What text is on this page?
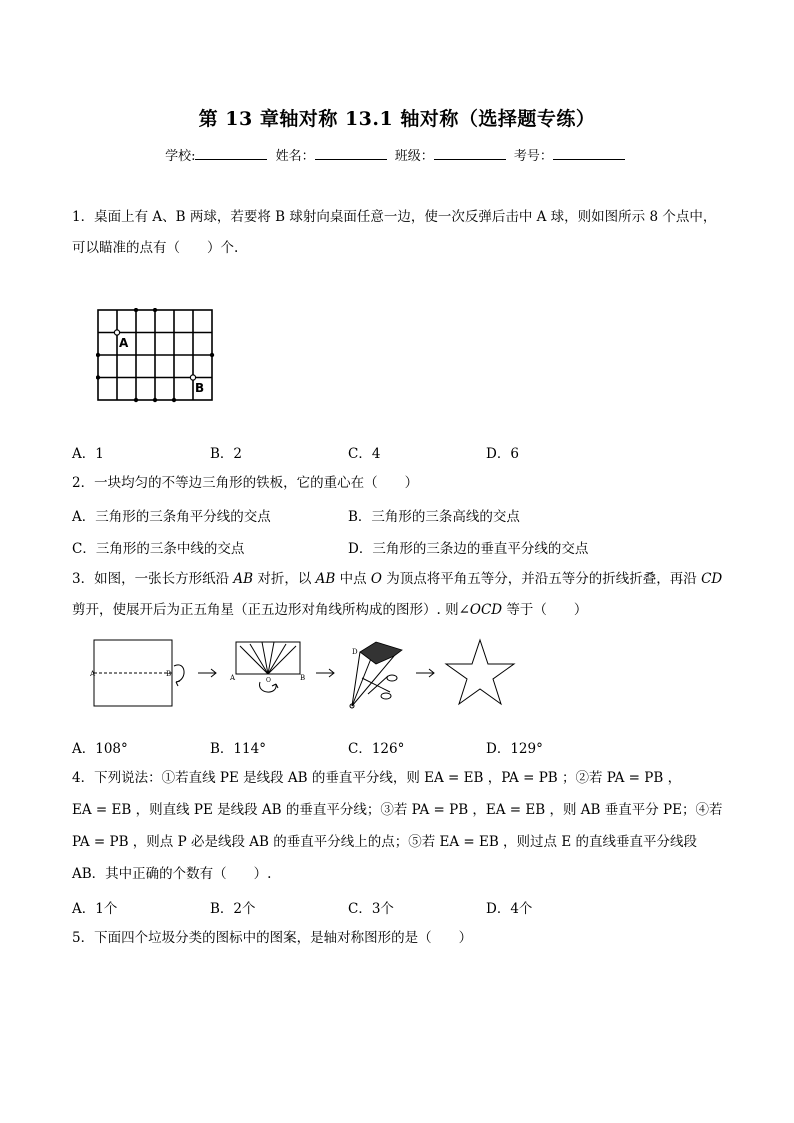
第 13 章轴对称 13.1 轴对称（选择题专练）
学校:	姓名：	班级：	考号：
1．桌面上有 A、B 两球，若要将 B 球射向桌面任意一边，使一次反弹后击中 A 球，则如图所示 8 个点中，
可以瞄准的点有（　　）个.
A
B
A．1	B．2	C．4	D．6
2．一块均匀的不等边三角形的铁板，它的重心在（　　）
A．三角形的三条角平分线的交点	B．三角形的三条高线的交点
C．三角形的三条中线的交点	D．三角形的三条边的垂直平分线的交点
3．如图，一张长方形纸沿 AB 对折，以 AB 中点 O 为顶点将平角五等分，并沿五等分的折线折叠，再沿 CD
剪开，使展开后为正五角星（正五边形对角线所构成的图形）. 则∠OCD 等于（　　）
A	B	A	B
O
D
A．108°	B．114°	C．126°	D．129°
4．下列说法：①若直线 PE 是线段 AB 的垂直平分线，则 EA = EB ，PA = PB ；②若 PA = PB ，
EA = EB ，则直线 PE 是线段 AB 的垂直平分线；③若 PA = PB ，EA = EB ，则 AB 垂直平分 PE；④若
PA = PB ，则点 P 必是线段 AB 的垂直平分线上的点；⑤若 EA = EB ，则过点 E 的直线垂直平分线段
AB．其中正确的个数有（　　）.
A．1个	B．2个	C．3个	D．4个
5．下面四个垃圾分类的图标中的图案，是轴对称图形的是（　　）
